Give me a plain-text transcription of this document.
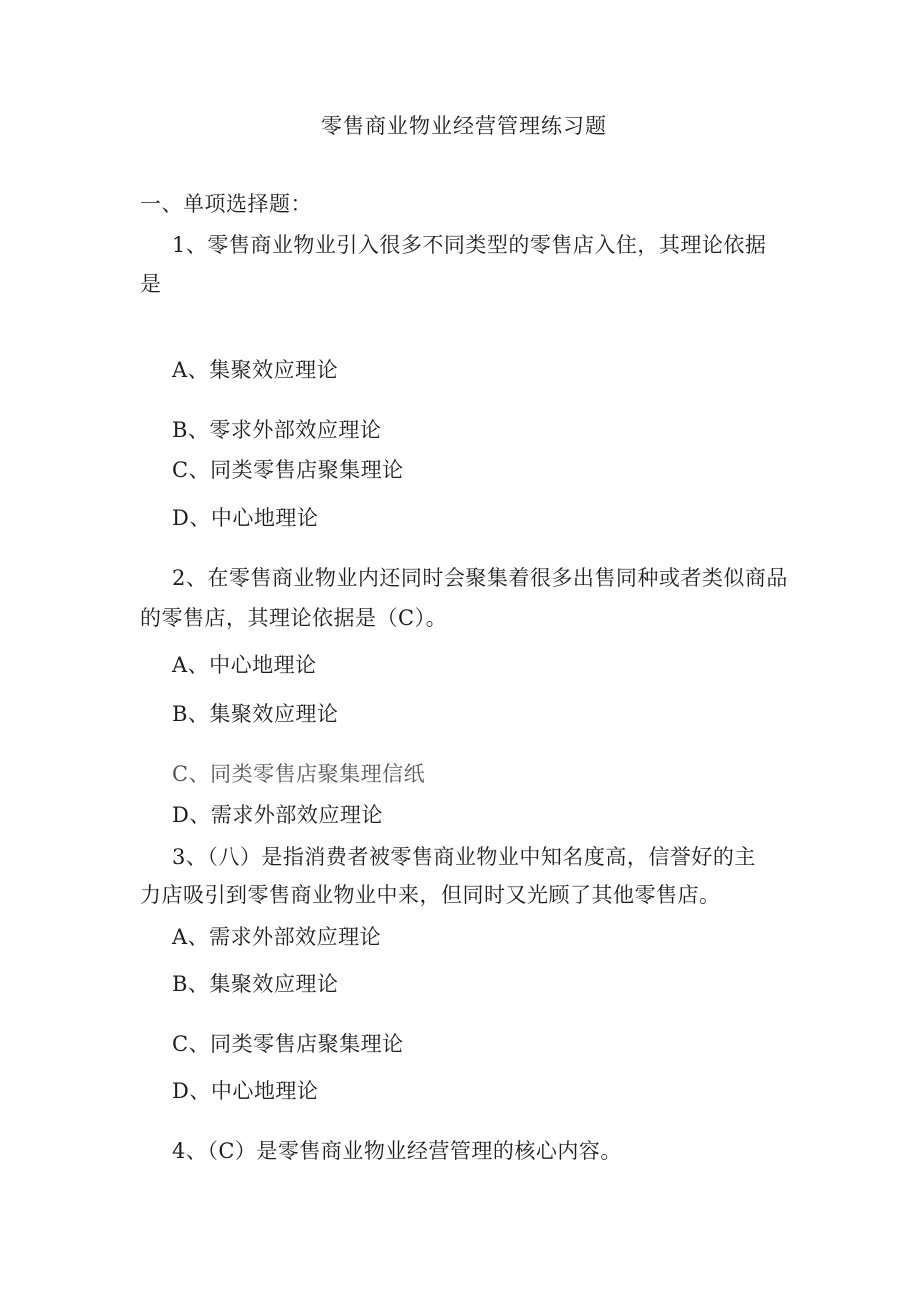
零售商业物业经营管理练习题
一、单项选择题：
1、零售商业物业引入很多不同类型的零售店入住，其理论依据
是
A、集聚效应理论
B、零求外部效应理论
C、同类零售店聚集理论
D、中心地理论
2、在零售商业物业内还同时会聚集着很多出售同种或者类似商品
的零售店，其理论依据是（C）。
A、中心地理论
B、集聚效应理论
C、同类零售店聚集理信纸
D、需求外部效应理论
3、（八）是指消费者被零售商业物业中知名度高，信誉好的主
力店吸引到零售商业物业中来，但同时又光顾了其他零售店。
A、需求外部效应理论
B、集聚效应理论
C、同类零售店聚集理论
D、中心地理论
4、（C）是零售商业物业经营管理的核心内容。
